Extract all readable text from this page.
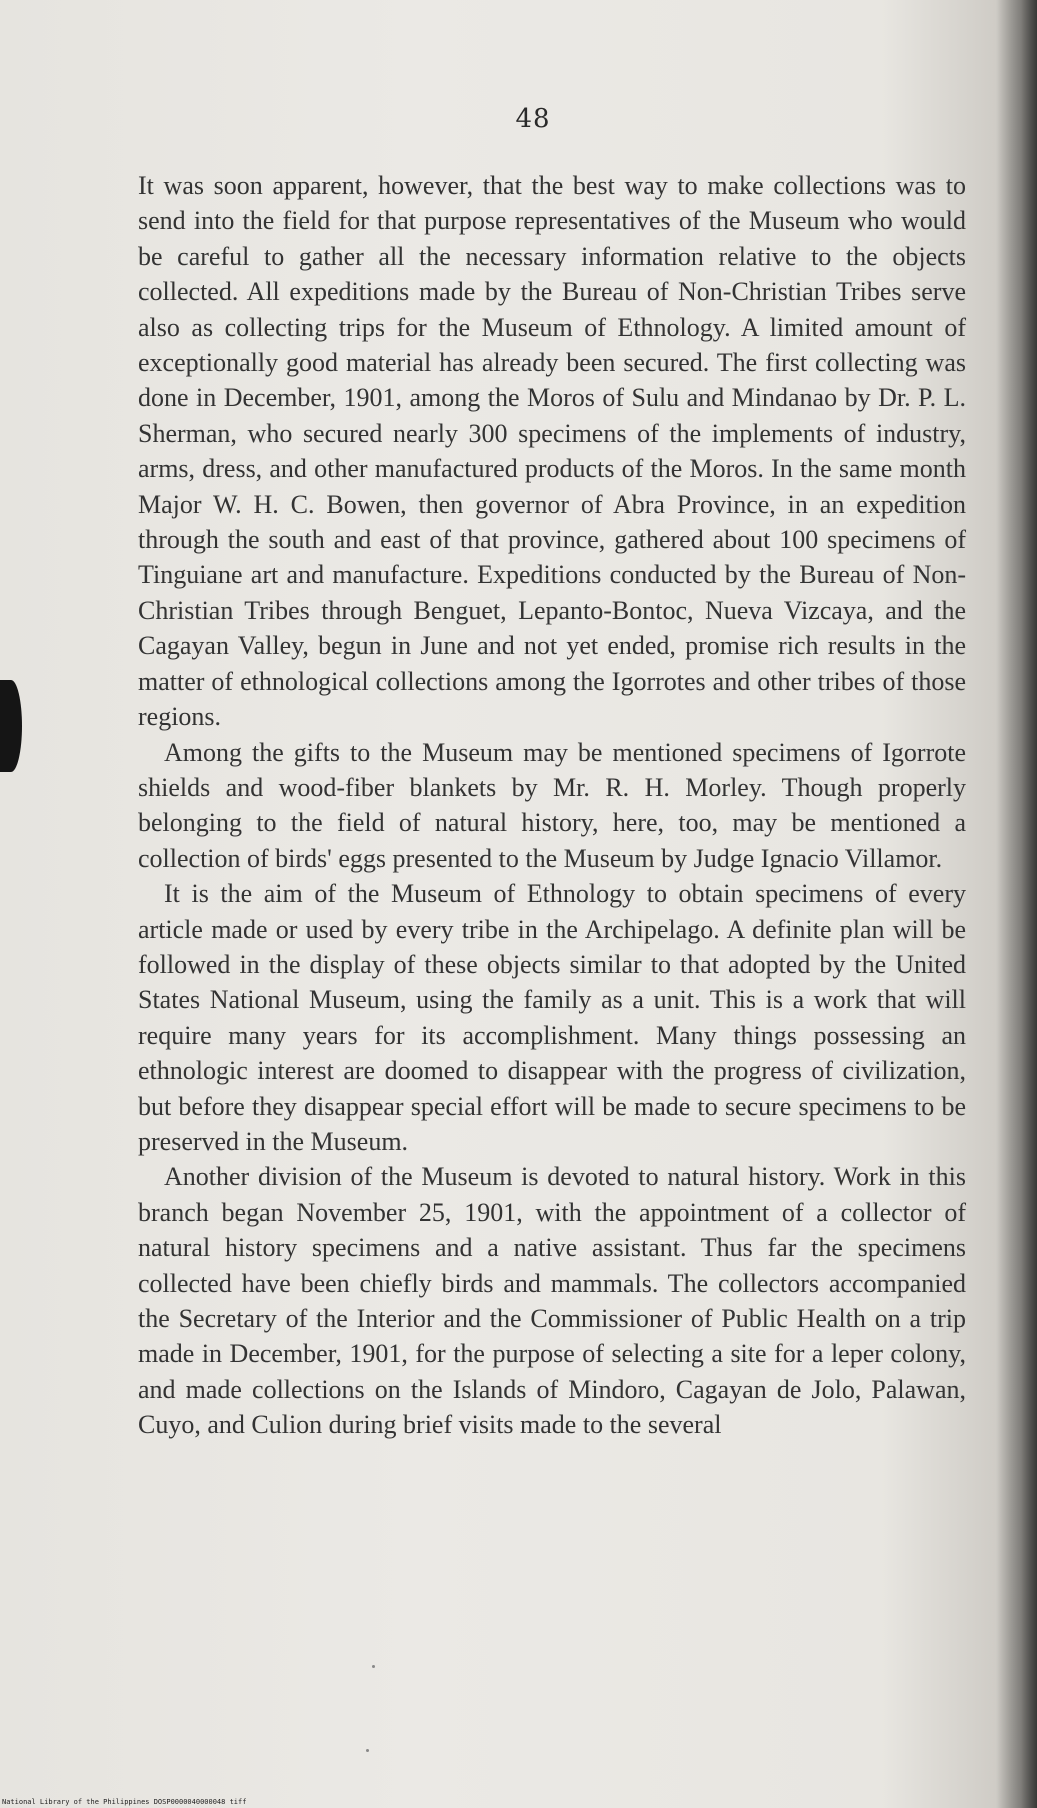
48

It was soon apparent, however, that the best way to make collections was to send into the field for that purpose representatives of the Museum who would be careful to gather all the necessary information relative to the objects collected. All expeditions made by the Bureau of Non-Christian Tribes serve also as collecting trips for the Museum of Ethnology. A limited amount of exceptionally good material has already been secured. The first collecting was done in December, 1901, among the Moros of Sulu and Mindanao by Dr. P. L. Sherman, who secured nearly 300 specimens of the implements of industry, arms, dress, and other manufactured products of the Moros. In the same month Major W. H. C. Bowen, then governor of Abra Province, in an expedition through the south and east of that province, gathered about 100 specimens of Tinguiane art and manufacture. Expeditions conducted by the Bureau of Non-Christian Tribes through Benguet, Lepanto-Bontoc, Nueva Vizcaya, and the Cagayan Valley, begun in June and not yet ended, promise rich results in the matter of ethnological collections among the Igorrotes and other tribes of those regions.

Among the gifts to the Museum may be mentioned specimens of Igorrote shields and wood-fiber blankets by Mr. R. H. Morley. Though properly belonging to the field of natural history, here, too, may be mentioned a collection of birds' eggs presented to the Museum by Judge Ignacio Villamor.

It is the aim of the Museum of Ethnology to obtain specimens of every article made or used by every tribe in the Archipelago. A definite plan will be followed in the display of these objects similar to that adopted by the United States National Museum, using the family as a unit. This is a work that will require many years for its accomplishment. Many things possessing an ethnologic interest are doomed to disappear with the progress of civilization, but before they disappear special effort will be made to secure specimens to be preserved in the Museum.

Another division of the Museum is devoted to natural history. Work in this branch began November 25, 1901, with the appointment of a collector of natural history specimens and a native assistant. Thus far the specimens collected have been chiefly birds and mammals. The collectors accompanied the Secretary of the Interior and the Commissioner of Public Health on a trip made in December, 1901, for the purpose of selecting a site for a leper colony, and made collections on the Islands of Mindoro, Cagayan de Jolo, Palawan, Cuyo, and Culion during brief visits made to the several

National Library of the Philippines DOSP0000040000048 tiff
